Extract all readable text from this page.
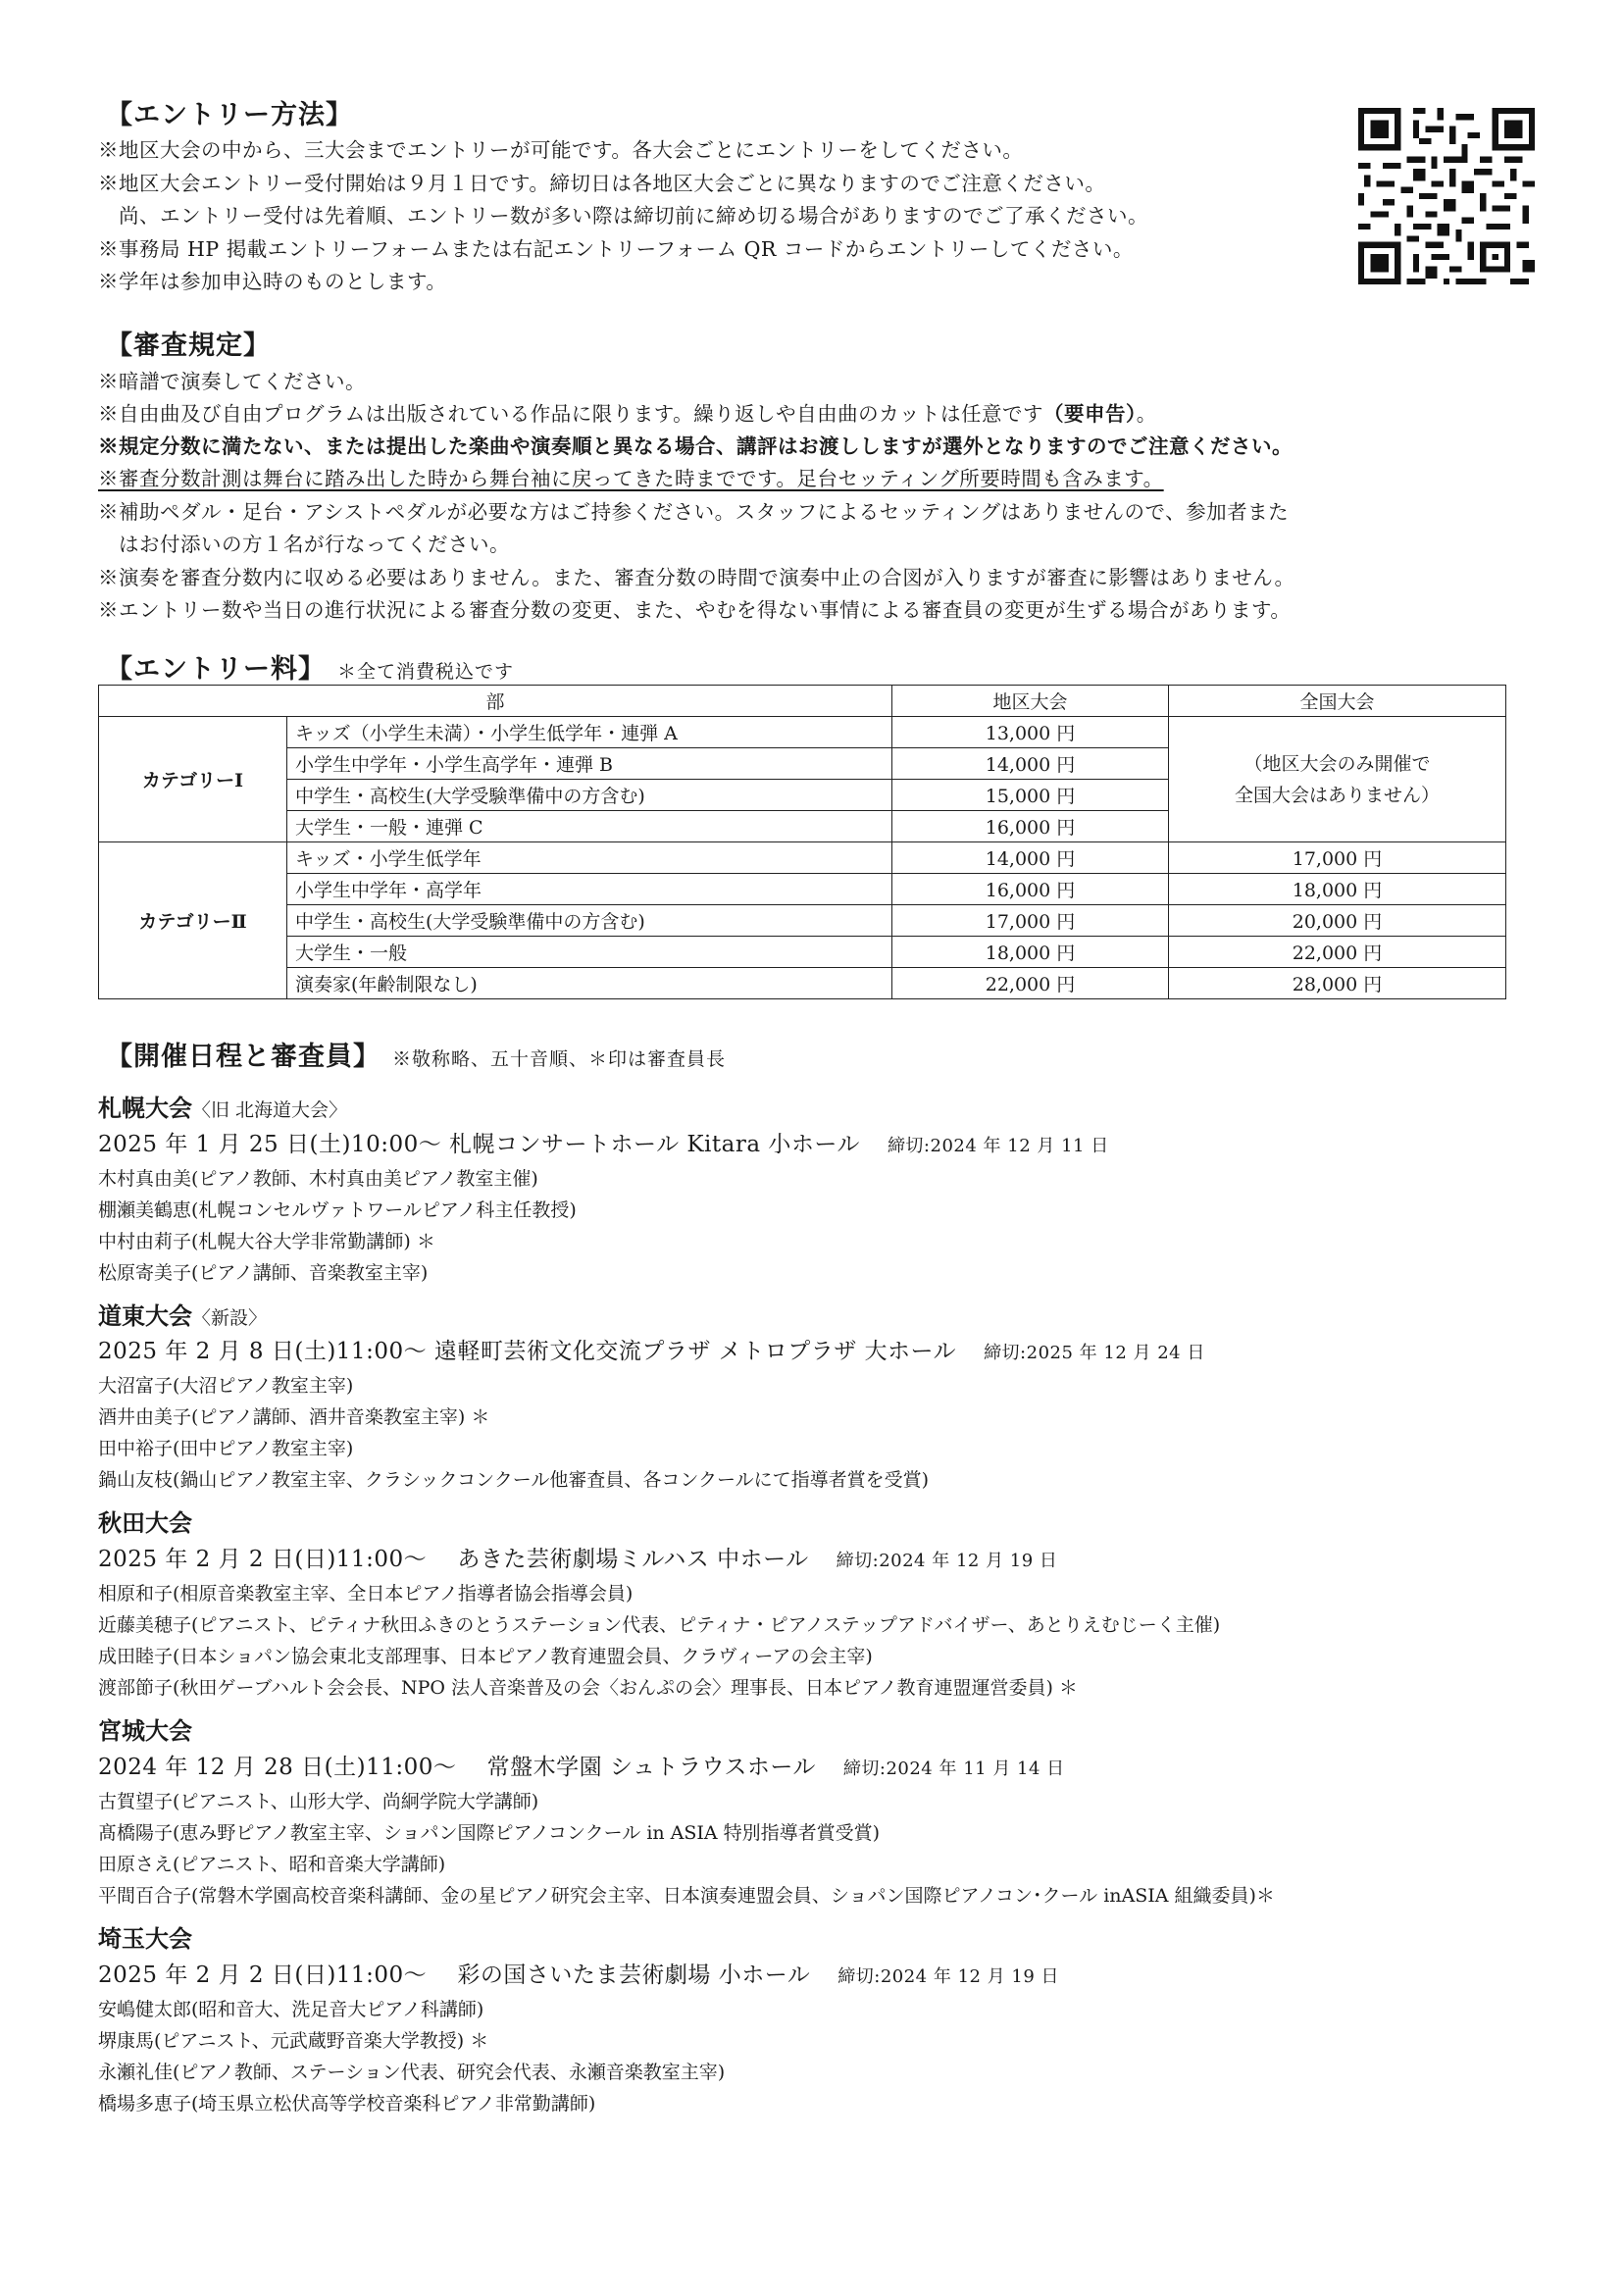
【エントリー方法】
※地区大会の中から、三大会までエントリーが可能です。各大会ごとにエントリーをしてください。
※地区大会エントリー受付開始は９月１日です。締切日は各地区大会ごとに異なりますのでご注意ください。
　尚、エントリー受付は先着順、エントリー数が多い際は締切前に締め切る場合がありますのでご了承ください。
※事務局 HP 掲載エントリーフォームまたは右記エントリーフォーム QR コードからエントリーしてください。
※学年は参加申込時のものとします。
【審査規定】
※暗譜で演奏してください。
※自由曲及び自由プログラムは出版されている作品に限ります。繰り返しや自由曲のカットは任意です（要申告）。
※規定分数に満たない、または提出した楽曲や演奏順と異なる場合、講評はお渡ししますが選外となりますのでご注意ください。
※審査分数計測は舞台に踏み出した時から舞台袖に戻ってきた時までです。足台セッティング所要時間も含みます。
※補助ペダル・足台・アシストペダルが必要な方はご持参ください。スタッフによるセッティングはありませんので、参加者また
　はお付添いの方１名が行なってください。
※演奏を審査分数内に収める必要はありません。また、審査分数の時間で演奏中止の合図が入りますが審査に影響はありません。
※エントリー数や当日の進行状況による審査分数の変更、また、やむを得ない事情による審査員の変更が生ずる場合があります。
【エントリー料】 ＊全て消費税込です
部		地区大会	全国大会
カテゴリーⅠ	キッズ（小学生未満）・小学生低学年・連弾 A	13,000 円	（地区大会のみ開催で
全国大会はありません）

	小学生中学年・小学生高学年・連弾 B	14,000 円	
	中学生・高校生(大学受験準備中の方含む)	15,000 円	
	大学生・一般・連弾 C	16,000 円	
カテゴリーⅡ	キッズ・小学生低学年	14,000 円	17,000 円
	小学生中学年・高学年	16,000 円	18,000 円
	中学生・高校生(大学受験準備中の方含む)	17,000 円	20,000 円
	大学生・一般	18,000 円	22,000 円
	演奏家(年齢制限なし)	22,000 円	28,000 円
【開催日程と審査員】 ※敬称略、五十音順、＊印は審査員長
札幌大会〈旧 北海道大会〉
2025 年 1 月 25 日(土)10:00～ 札幌コンサートホール Kitara 小ホール 締切:2024 年 12 月 11 日
木村真由美(ピアノ教師、木村真由美ピアノ教室主催)
棚瀬美鶴恵(札幌コンセルヴァトワールピアノ科主任教授)
中村由莉子(札幌大谷大学非常勤講師) ＊
松原寄美子(ピアノ講師、音楽教室主宰)
道東大会〈新設〉
2025 年 2 月 8 日(土)11:00～ 遠軽町芸術文化交流プラザ メトロプラザ 大ホール 締切:2025 年 12 月 24 日
大沼富子(大沼ピアノ教室主宰)
酒井由美子(ピアノ講師、酒井音楽教室主宰) ＊
田中裕子(田中ピアノ教室主宰)
鍋山友枝(鍋山ピアノ教室主宰、クラシックコンクール他審査員、各コンクールにて指導者賞を受賞)
秋田大会
2025 年 2 月 2 日(日)11:00～　 あきた芸術劇場ミルハス 中ホール 締切:2024 年 12 月 19 日
相原和子(相原音楽教室主宰、全日本ピアノ指導者協会指導会員)
近藤美穂子(ピアニスト、ピティナ秋田ふきのとうステーション代表、ピティナ・ピアノステップアドバイザー、あとりえむじーく主催)
成田睦子(日本ショパン協会東北支部理事、日本ピアノ教育連盟会員、クラヴィーアの会主宰)
渡部節子(秋田ゲーブハルト会会長、NPO 法人音楽普及の会〈おんぷの会〉理事長、日本ピアノ教育連盟運営委員) ＊
宮城大会
2024 年 12 月 28 日(土)11:00～　 常盤木学園 シュトラウスホール 締切:2024 年 11 月 14 日
古賀望子(ピアニスト、山形大学、尚絅学院大学講師)
髙橋陽子(恵み野ピアノ教室主宰、ショパン国際ピアノコンクール in ASIA 特別指導者賞受賞)
田原さえ(ピアニスト、昭和音楽大学講師)
平間百合子(常磐木学園高校音楽科講師、金の星ピアノ研究会主宰、日本演奏連盟会員、ショパン国際ピアノコン･クール inASIA 組織委員)＊
埼玉大会
2025 年 2 月 2 日(日)11:00～　 彩の国さいたま芸術劇場 小ホール 締切:2024 年 12 月 19 日
安嶋健太郎(昭和音大、洗足音大ピアノ科講師)
堺康馬(ピアニスト、元武蔵野音楽大学教授) ＊
永瀬礼佳(ピアノ教師、ステーション代表、研究会代表、永瀬音楽教室主宰)
橋場多恵子(埼玉県立松伏高等学校音楽科ピアノ非常勤講師)
